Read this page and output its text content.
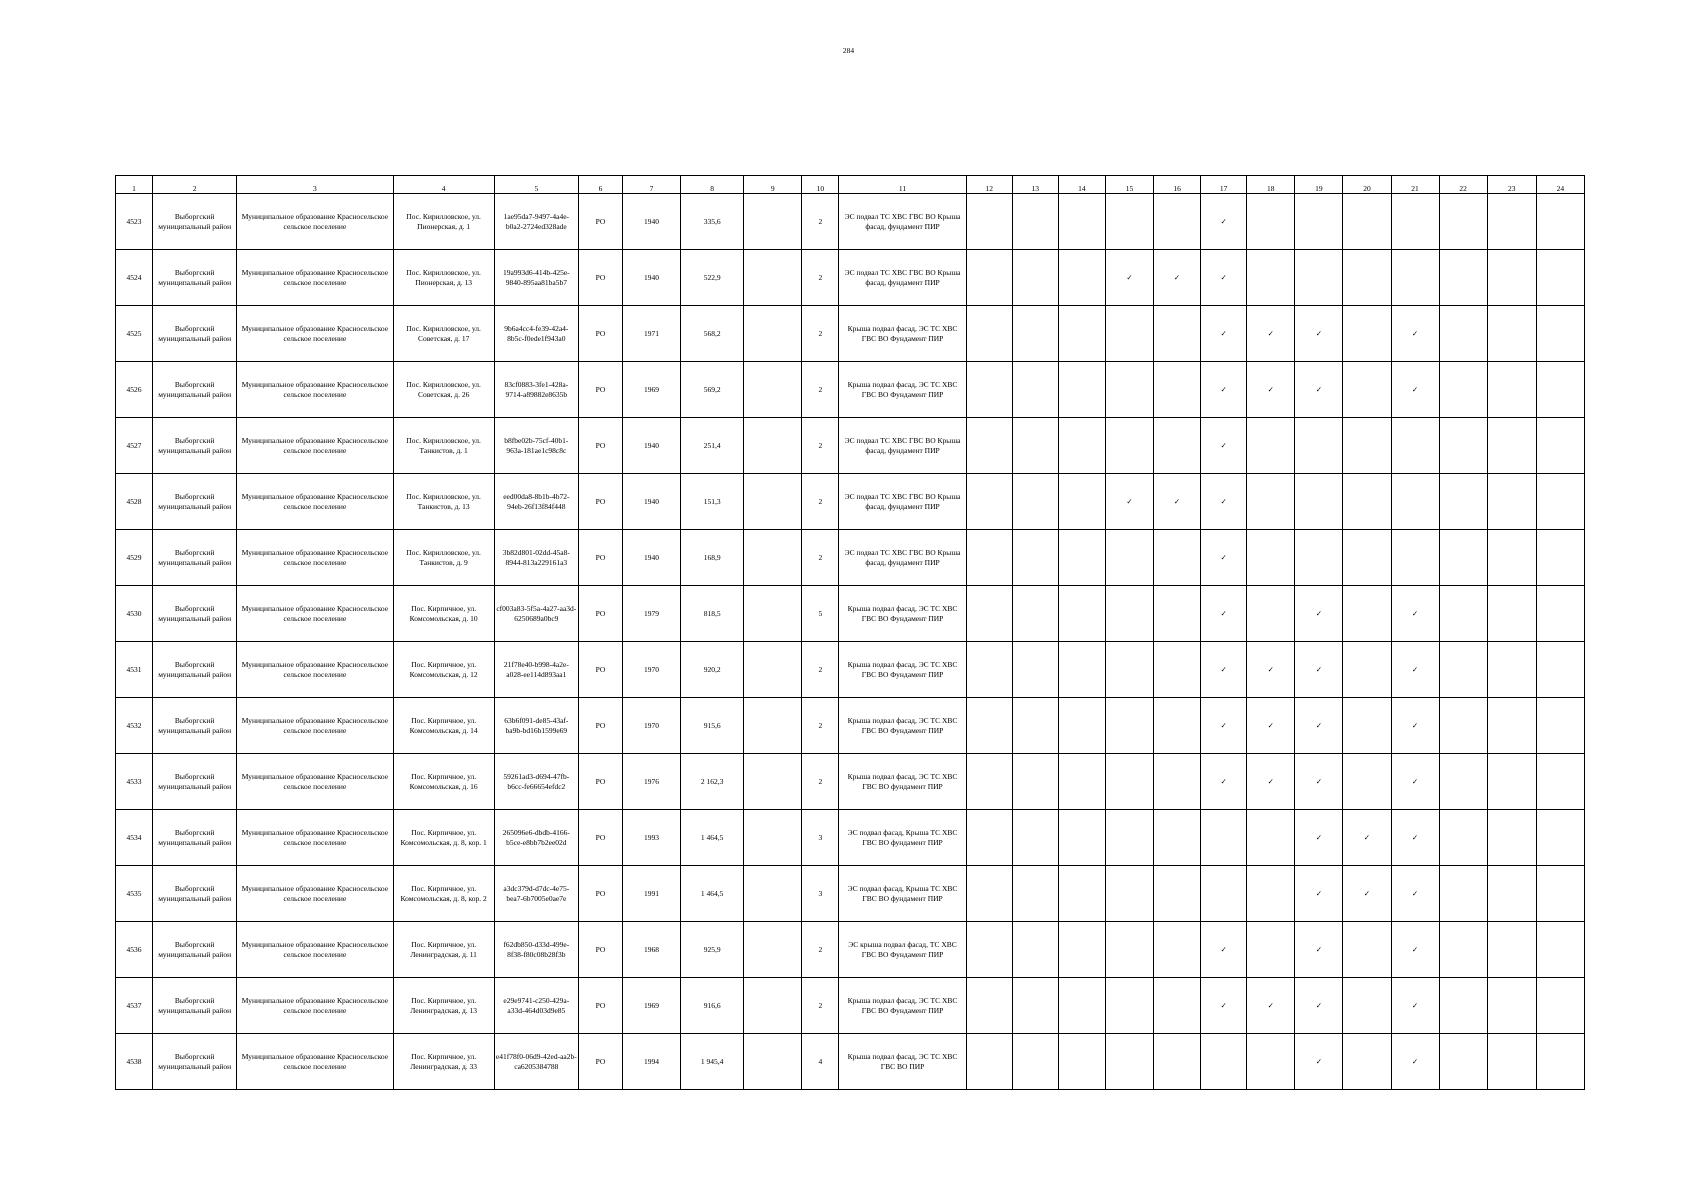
284
1	2	3	4	5	6	7	8	9	10	11	12	13	14	15	16	17	18	19	20	21	22	23	24
4523	Выборгский муниципальный район	Муниципальное образование Красносельское сельское поселение	Пос. Кирилловское, ул. Пионерская, д. 1	1ae95da7-9497-4a4e-b0a2-2724ed328ade	РО	1940	335,6		2	ЭС подвал ТС ХВС ГВС ВО Крыша фасад, фундамент ПИР						✓							
4524	Выборгский муниципальный район	Муниципальное образование Красносельское сельское поселение	Пос. Кирилловское, ул. Пионерская, д. 13	19a993d6-414b-425e-9840-895aa81ba5b7	РО	1940	522,9		2	ЭС подвал ТС ХВС ГВС ВО Крыша фасад, фундамент ПИР				✓	✓	✓							
4525	Выборгский муниципальный район	Муниципальное образование Красносельское сельское поселение	Пос. Кирилловское, ул. Советская, д. 17	9b6a4cc4-fe39-42a4-8b5c-f0ede1f943a0	РО	1971	568,2		2	Крыша подвал фасад, ЭС ТС ХВС ГВС ВО Фундамент ПИР						✓	✓	✓		✓			
4526	Выборгский муниципальный район	Муниципальное образование Красносельское сельское поселение	Пос. Кирилловское, ул. Советская, д. 26	83cf0883-3fe1-428a-9714-a89882e8635b	РО	1969	569,2		2	Крыша подвал фасад, ЭС ТС ХВС ГВС ВО Фундамент ПИР						✓	✓	✓		✓			
4527	Выборгский муниципальный район	Муниципальное образование Красносельское сельское поселение	Пос. Кирилловское, ул. Танкистов, д. 1	b8fbe02b-75cf-40b1-963a-181ae1c98c8c	РО	1940	251,4		2	ЭС подвал ТС ХВС ГВС ВО Крыша фасад, фундамент ПИР						✓							
4528	Выборгский муниципальный район	Муниципальное образование Красносельское сельское поселение	Пос. Кирилловское, ул. Танкистов, д. 13	eed00da8-8b1b-4b72-94eb-26f13f84f448	РО	1940	151,3		2	ЭС подвал ТС ХВС ГВС ВО Крыша фасад, фундамент ПИР				✓	✓	✓							
4529	Выборгский муниципальный район	Муниципальное образование Красносельское сельское поселение	Пос. Кирилловское, ул. Танкистов, д. 9	3b82d801-02dd-45a8-8944-813a229161a3	РО	1940	168,9		2	ЭС подвал ТС ХВС ГВС ВО Крыша фасад, фундамент ПИР						✓							
4530	Выборгский муниципальный район	Муниципальное образование Красносельское сельское поселение	Пос. Кирпичное, ул. Комсомольская, д. 10	cf003a83-5f5a-4a27-aa3d-6250689a0bc9	РО	1979	818,5		5	Крыша подвал фасад, ЭС ТС ХВС ГВС ВО Фундамент ПИР						✓		✓		✓			
4531	Выборгский муниципальный район	Муниципальное образование Красносельское сельское поселение	Пос. Кирпичное, ул. Комсомольская, д. 12	21f78e40-b998-4a2e-a028-ee114d893aa1	РО	1970	920,2		2	Крыша подвал фасад, ЭС ТС ХВС ГВС ВО Фундамент ПИР						✓	✓	✓		✓			
4532	Выборгский муниципальный район	Муниципальное образование Красносельское сельское поселение	Пос. Кирпичное, ул. Комсомольская, д. 14	63b6f091-de85-43af-ba9b-bd16b1599e69	РО	1970	915,6		2	Крыша подвал фасад, ЭС ТС ХВС ГВС ВО Фундамент ПИР						✓	✓	✓		✓			
4533	Выборгский муниципальный район	Муниципальное образование Красносельское сельское поселение	Пос. Кирпичное, ул. Комсомольская, д. 16	59261ad3-d694-47fb-b6cc-fe66654efdc2	РО	1976	2 162,3		2	Крыша подвал фасад, ЭС ТС ХВС ГВС ВО фундамент ПИР						✓	✓	✓		✓			
4534	Выборгский муниципальный район	Муниципальное образование Красносельское сельское поселение	Пос. Кирпичное, ул. Комсомольская, д. 8, кор. 1	265096e6-dbdb-4166-b5ce-e8bb7b2ee02d	РО	1993	1 464,5		3	ЭС подвал фасад, Крыша ТС ХВС ГВС ВО фундамент ПИР								✓	✓	✓			
4535	Выборгский муниципальный район	Муниципальное образование Красносельское сельское поселение	Пос. Кирпичное, ул. Комсомольская, д. 8, кор. 2	a3dc379d-d7dc-4e75-bea7-6b7005e0ae7e	РО	1991	1 464,5		3	ЭС подвал фасад, Крыша ТС ХВС ГВС ВО фундамент ПИР								✓	✓	✓			
4536	Выборгский муниципальный район	Муниципальное образование Красносельское сельское поселение	Пос. Кирпичное, ул. Ленинградская, д. 11	f62db850-d33d-499e-8f38-f80c08b28f3b	РО	1968	925,9		2	ЭС крыша подвал фасад, ТС ХВС ГВС ВО Фундамент ПИР						✓		✓		✓			
4537	Выборгский муниципальный район	Муниципальное образование Красносельское сельское поселение	Пос. Кирпичное, ул. Ленинградская, д. 13	e29e9741-c250-429a-a33d-464d03d9e85	РО	1969	916,6		2	Крыша подвал фасад, ЭС ТС ХВС ГВС ВО Фундамент ПИР						✓	✓	✓		✓			
4538	Выборгский муниципальный район	Муниципальное образование Красносельское сельское поселение	Пос. Кирпичное, ул. Ленинградская, д. 33	e41f78f0-06d9-42ed-aa2b-ca6205384788	РО	1994	1 945,4		4	Крыша подвал фасад, ЭС ТС ХВС ГВС ВО ПИР								✓		✓			
